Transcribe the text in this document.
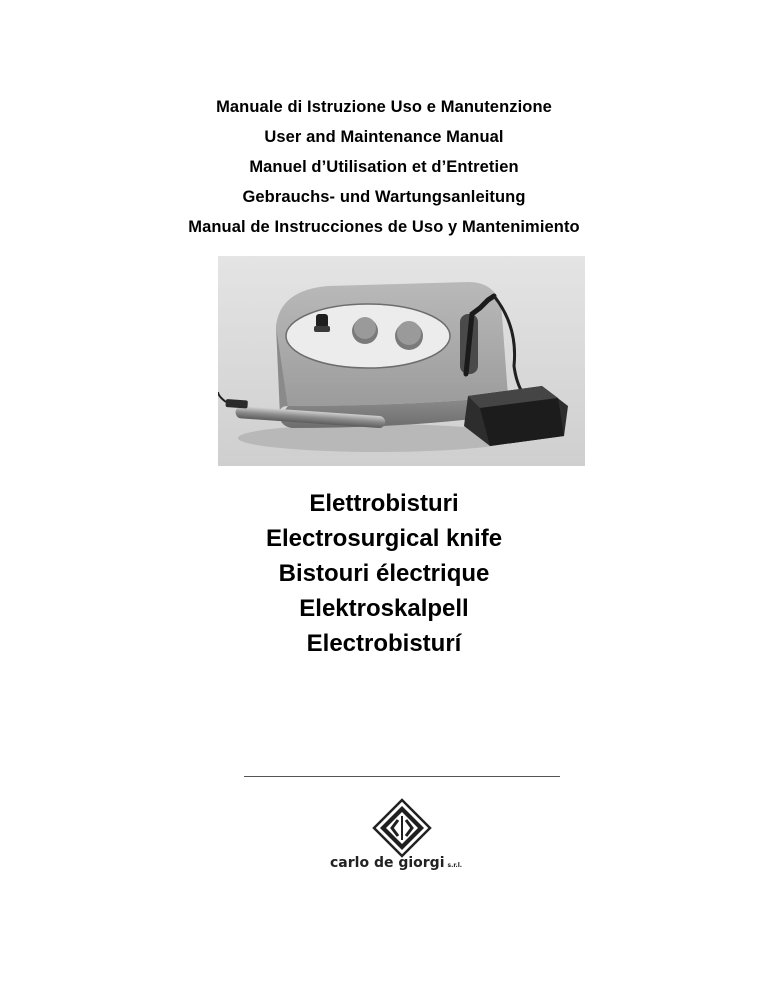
Manuale di Istruzione Uso e Manutenzione
User and Maintenance Manual
Manuel d’Utilisation et d’Entretien
Gebrauchs- und Wartungsanleitung
Manual de Instrucciones de Uso y Mantenimiento
Elettrobisturi
Electrosurgical knife
Bistouri électrique
Elektroskalpell
Electrobisturí
carlo de giorgi s.r.l.
